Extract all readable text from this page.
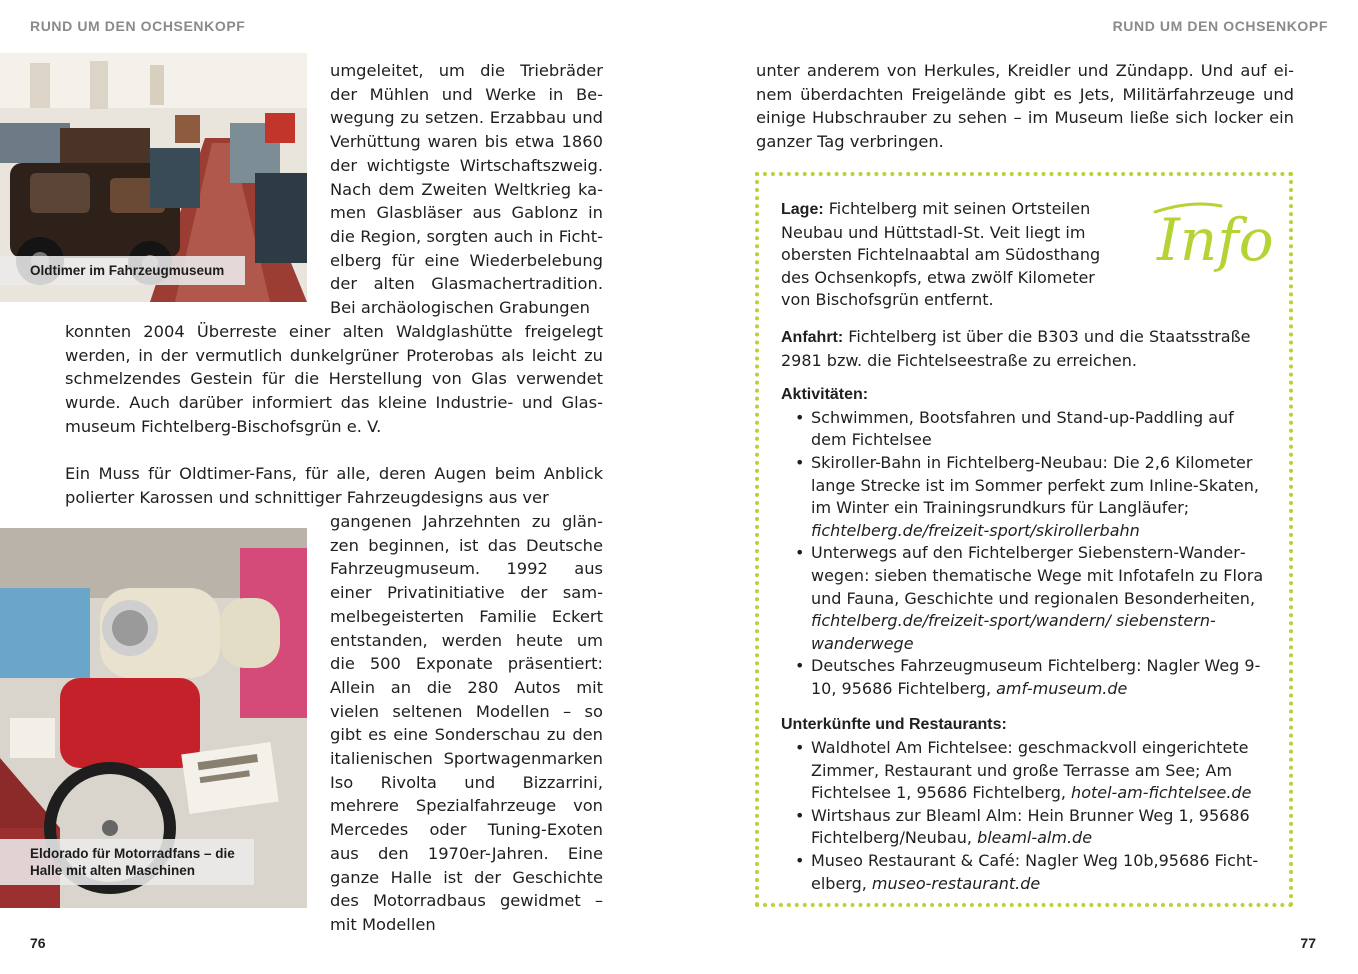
RUND UM DEN OCHSENKOPF
Oldtimer im Fahrzeugmuseum

umgeleitet, um die Triebräder der Mühlen und Werke in Bewegung zu setzen. Erzabbau und Verhüttung waren bis etwa 1860 der wichtigste Wirtschaftszweig. Nach dem Zweiten Weltkrieg kamen Glasbläser aus Gablonz in die Region, sorgten auch in Fichtelberg für eine Wiederbelebung der alten Glasmachertradition. Bei archäologischen Grabungen

konnten 2004 Überreste einer alten Waldglashütte freigelegt werden, in der vermutlich dunkelgrüner Proterobas als leicht zu schmelzendes Gestein für die Herstellung von Glas verwendet wurde. Auch darüber informiert das kleine Industrie- und Glasmuseum Fichtelberg-Bischofsgrün e. V.

Ein Muss für Oldtimer-Fans, für alle, deren Augen beim Anblick polierter Karossen und schnittiger Fahrzeugdesigns aus ver

Eldorado für Motorradfans – die
Halle mit alten Maschinen

gangenen Jahrzehnten zu glänzen beginnen, ist das Deutsche Fahrzeugmuseum. 1992 aus einer Privatinitiative der sammelbegeisterten Familie Eckert entstanden, werden heute um die 500 Exponate präsentiert: Allein an die 280 Autos mit vielen seltenen Modellen – so gibt es eine Sonderschau zu den italienischen Sportwagenmarken Iso Rivolta und Bizzarrini, mehrere Spezialfahrzeuge von Mercedes oder Tuning-Exoten aus den 1970er-Jahren. Eine ganze Halle ist der Geschichte des Motorradbaus gewidmet – mit Modellen

76
RUND UM DEN OCHSENKOPF
77

unter anderem von Herkules, Kreidler und Zündapp. Und auf einem überdachten Freigelände gibt es Jets, Militärfahrzeuge und einige Hubschrauber zu sehen – im Museum ließe sich locker ein ganzer Tag verbringen.

Info
Lage: Fichtelberg mit seinen Ortsteilen Neubau und Hüttstadl-St. Veit liegt im obersten Fichtelnaabtal am Südosthang des Ochsenkopfs, etwa zwölf Kilometer von Bischofsgrün entfernt.
Anfahrt: Fichtelberg ist über die B303 und die Staatsstraße 2981 bzw. die Fichtelseestraße zu erreichen.
Aktivitäten:
• Schwimmen, Bootsfahren und Stand-up-Paddling auf dem Fichtelsee
• Skiroller-Bahn in Fichtelberg-Neubau: Die 2,6 Kilometer lange Strecke ist im Sommer perfekt zum Inline-Skaten, im Winter ein Trainingsrundkurs für Langläufer; fichtelberg.de/freizeit-sport/skirollerbahn
• Unterwegs auf den Fichtelberger Siebenstern-Wanderwegen: sieben thematische Wege mit Infotafeln zu Flora und Fauna, Geschichte und regionalen Besonderheiten, fichtelberg.de/freizeit-sport/wandern/ siebenstern-wanderwege
• Deutsches Fahrzeugmuseum Fichtelberg: Nagler Weg 9-10, 95686 Fichtelberg, amf-museum.de
Unterkünfte und Restaurants:
• Waldhotel Am Fichtelsee: geschmackvoll eingerichtete Zimmer, Restaurant und große Terrasse am See; Am Fichtelsee 1, 95686 Fichtelberg, hotel-am-fichtelsee.de
• Wirtshaus zur Bleaml Alm: Hein Brunner Weg 1, 95686 Fichtelberg/Neubau, bleaml-alm.de
• Museo Restaurant & Café: Nagler Weg 10b,95686 Fichtelberg, museo-restaurant.de
